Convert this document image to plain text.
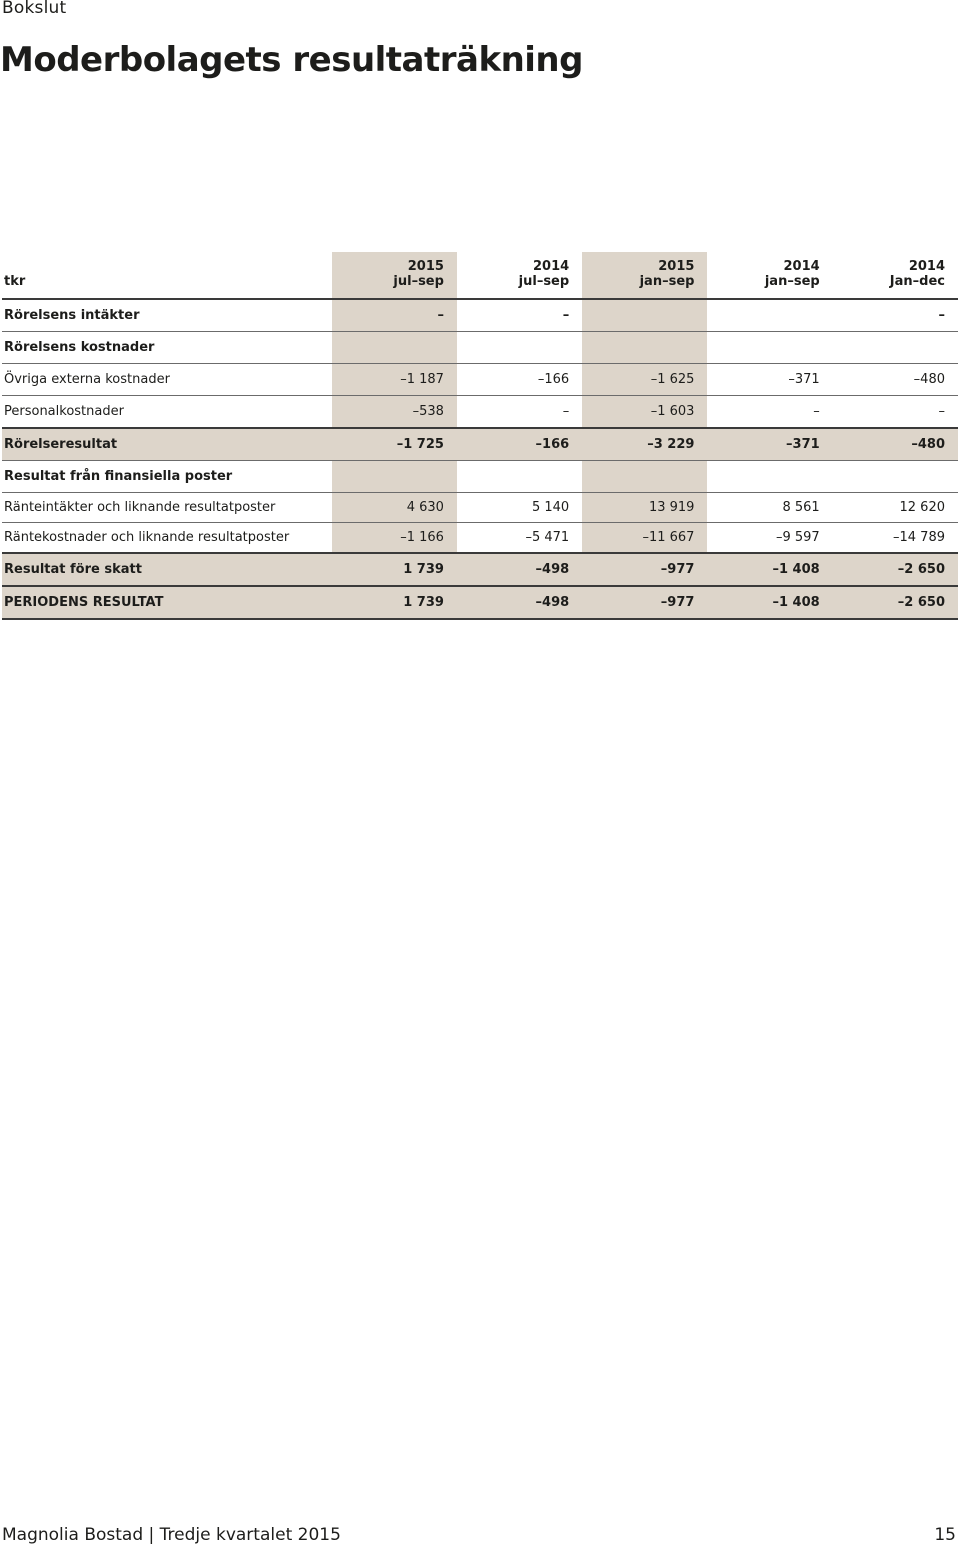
Bokslut
Moderbolagets resultaträkning
	2015	2014	2015	2014	2014
tkr	jul–sep	jul–sep	jan–sep	jan–sep	Jan–dec
Rörelsens intäkter	–	–			–
Rörelsens kostnader					
Övriga externa kostnader	–1 187	–166	–1 625	–371	–480
Personalkostnader	–538	–	–1 603	–	–
Rörelseresultat	–1 725	–166	–3 229	–371	–480
Resultat från finansiella poster					
Ränteintäkter och liknande resultatposter	4 630	5 140	13 919	8 561	12 620
Räntekostnader och liknande resultatposter	–1 166	–5 471	–11 667	–9 597	–14 789
Resultat före skatt	1 739	–498	–977	–1 408	–2 650
PERIODENS RESULTAT	1 739	–498	–977	–1 408	–2 650
Magnolia Bostad | Tredje kvartalet 2015	15
